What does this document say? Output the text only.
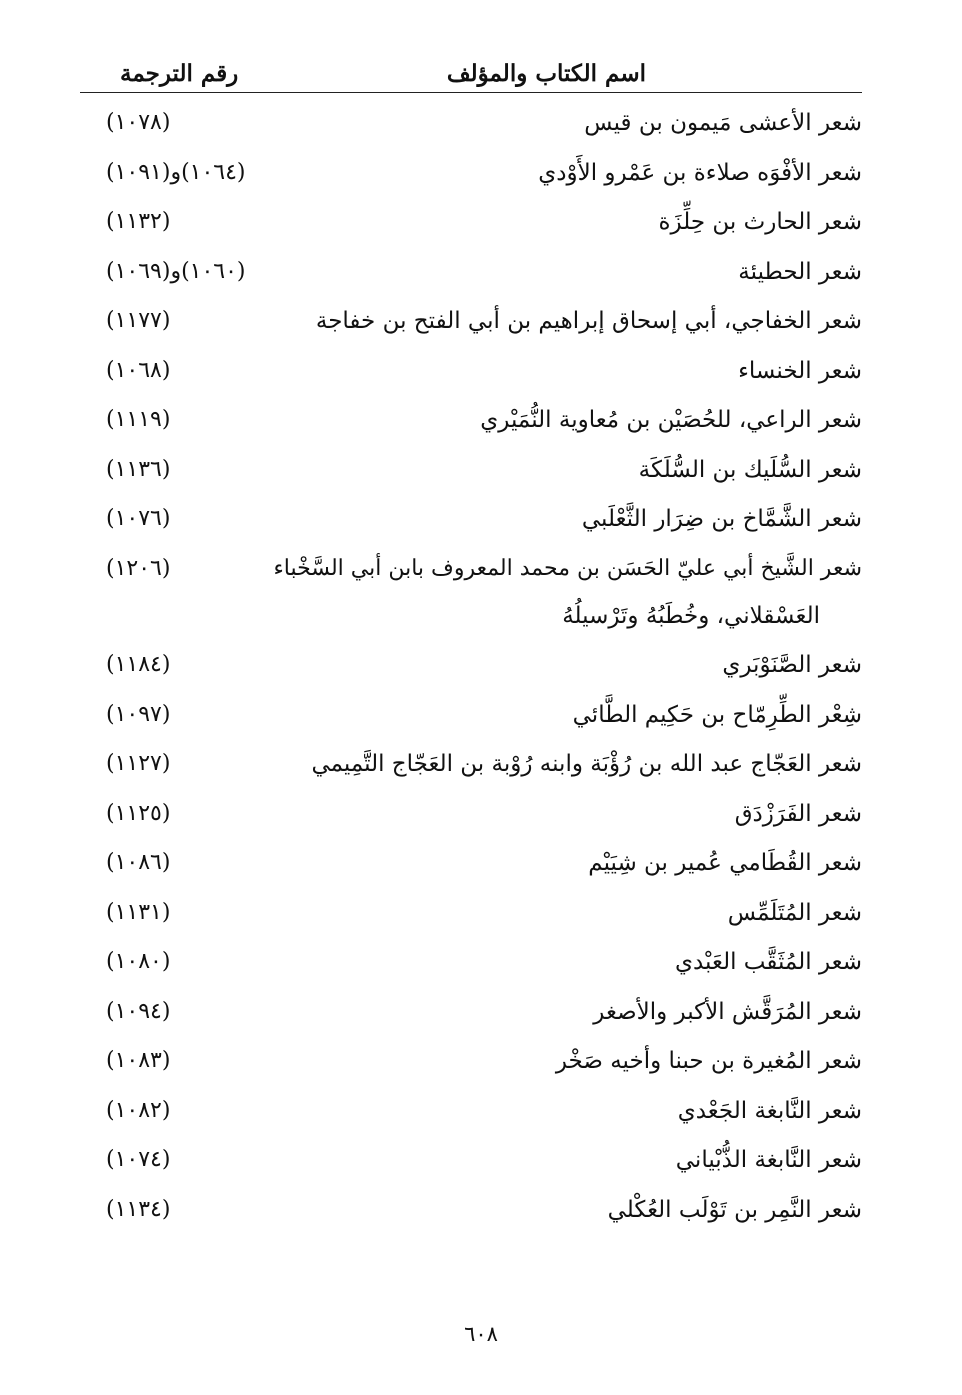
اسم الكتاب والمؤلف
رقم الترجمة
شعر الأعشى مَيمون بن قيس
(١٠٧٨)
شعر الأفْوَه صلاءة بن عَمْرو الأَوْدي
(١٠٦٤)و(١٠٩١)
شعر الحارث بن حِلِّزَة
(١١٣٢)
شعر الحطيئة
(١٠٦٠)و(١٠٦٩)
شعر الخفاجي، أبي إسحاق إبراهيم بن أبي الفتح بن خفاجة
(١١٧٧)
شعر الخنساء
(١٠٦٨)
شعر الراعي، للحُصَيْن بن مُعاوية النُّمَيْري
(١١١٩)
شعر السُّلَيك بن السُّلَكَة
(١١٣٦)
شعر الشَّمَّاخ بن ضِرَار الثَّعْلَبي
(١٠٧٦)
شعر الشَّيخ أبي عليّ الحَسَن بن محمد المعروف بابن أبي السَّخْباء
العَسْقلاني، وخُطَبُهُ وتَرْسيلُهُ
(١٢٠٦)
شعر الصَّنَوْبَري
(١١٨٤)
شِعْر الطِّرِمّاح بن حَكِيم الطَّائي
(١٠٩٧)
شعر العَجّاج عبد الله بن رُؤْبَة وابنه رُوْبة بن العَجّاج التَّمِيمي
(١١٢٧)
شعر الفَرَزْدَق
(١١٢٥)
شعر القُطَامي عُمير بن شِيَيْم
(١٠٨٦)
شعر المُتَلَمِّس
(١١٣١)
شعر المُثَقَّب العَبْدي
(١٠٨٠)
شعر المُرَقَّش الأكبر والأصغر
(١٠٩٤)
شعر المُغيرة بن حبنا وأخيه صَخْر
(١٠٨٣)
شعر النَّابغة الجَعْدي
(١٠٨٢)
شعر النَّابغة الذُّبْياني
(١٠٧٤)
شعر النَّمِر بن تَوْلَب العُكْلي
(١١٣٤)
٦٠٨
